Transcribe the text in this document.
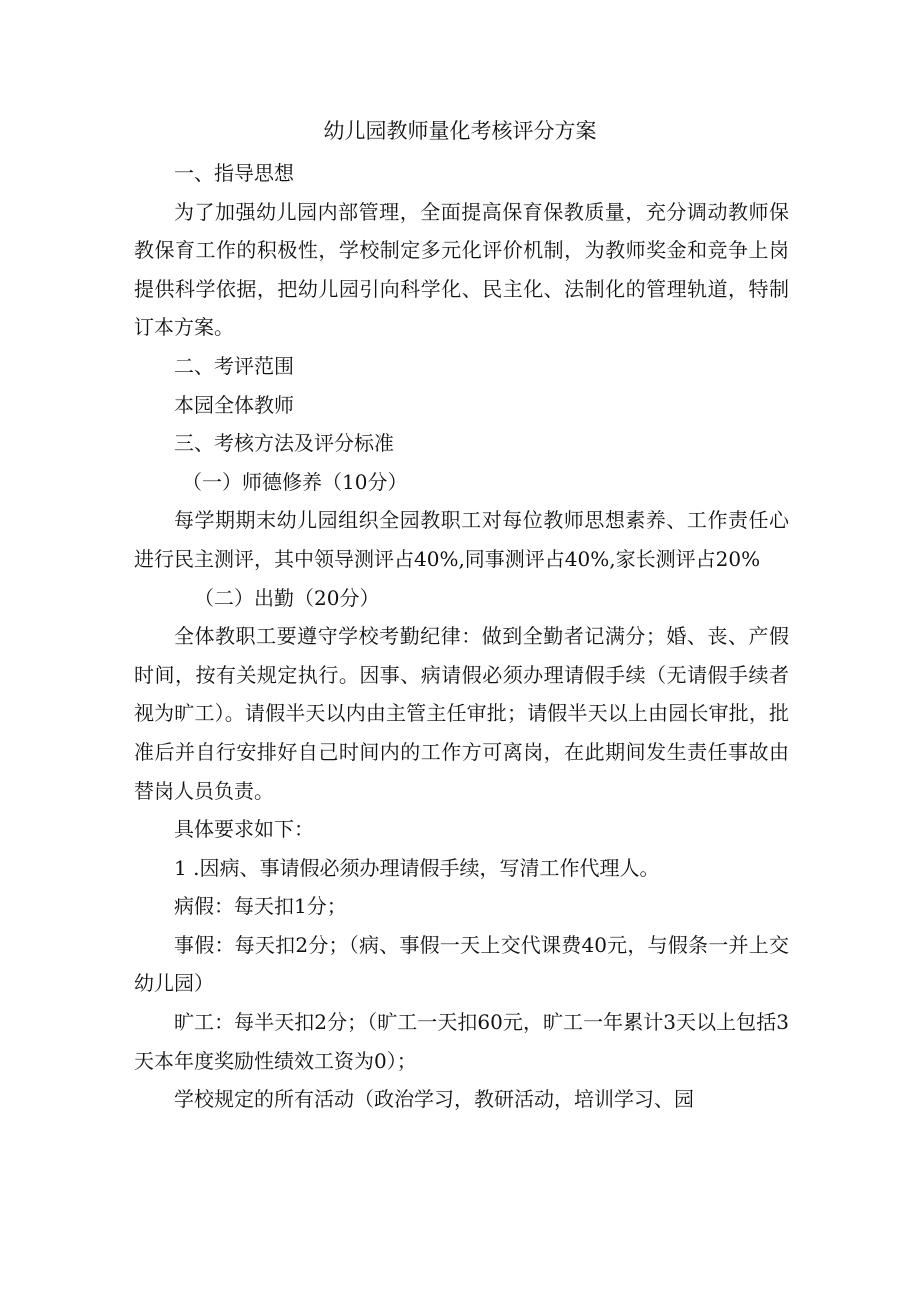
幼儿园教师量化考核评分方案

一、指导思想

为了加强幼儿园内部管理，全面提高保育保教质量，充分调动教师保教保育工作的积极性，学校制定多元化评价机制，为教师奖金和竞争上岗提供科学依据，把幼儿园引向科学化、民主化、法制化的管理轨道，特制订本方案。

二、考评范围

本园全体教师

三、考核方法及评分标准

（一）师德修养（10分）

每学期期末幼儿园组织全园教职工对每位教师思想素养、工作责任心进行民主测评，其中领导测评占40%,同事测评占40%,家长测评占20%

（二）出勤（20分）

全体教职工要遵守学校考勤纪律：做到全勤者记满分；婚、丧、产假时间，按有关规定执行。因事、病请假必须办理请假手续（无请假手续者视为旷工）。请假半天以内由主管主任审批；请假半天以上由园长审批，批准后并自行安排好自己时间内的工作方可离岗，在此期间发生责任事故由替岗人员负责。

具体要求如下：

1 .因病、事请假必须办理请假手续，写清工作代理人。

病假：每天扣1分；

事假：每天扣2分；（病、事假一天上交代课费40元，与假条一并上交幼儿园）

旷工：每半天扣2分；（旷工一天扣60元，旷工一年累计3天以上包括3天本年度奖励性绩效工资为0）；

学校规定的所有活动（政治学习，教研活动，培训学习、园
